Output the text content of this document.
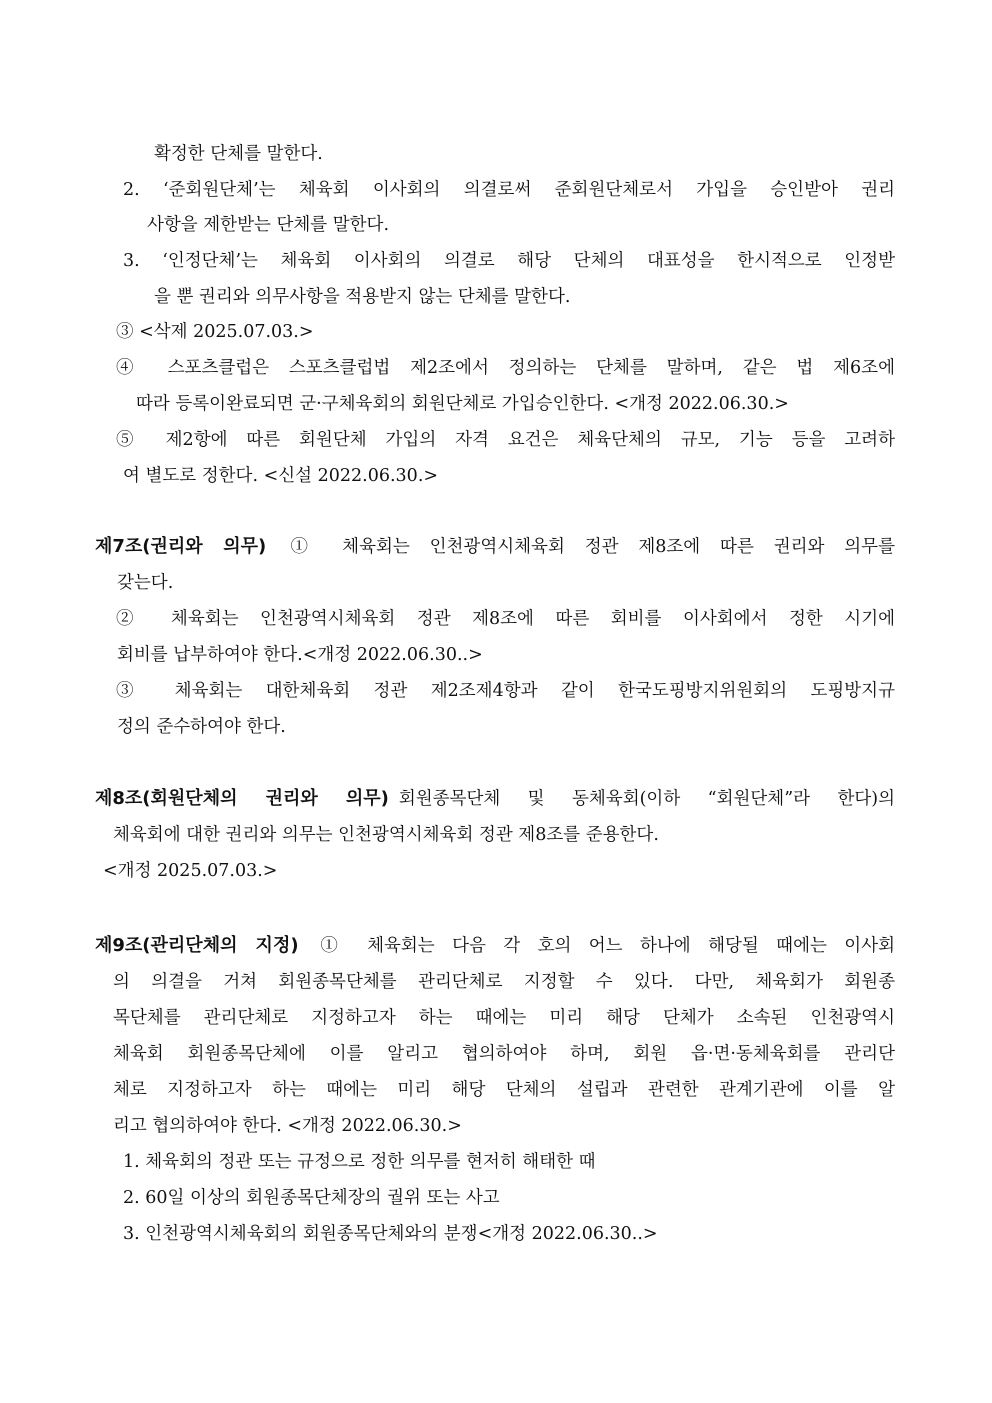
확정한 단체를 말한다.
2. ‘준회원단체’는 체육회 이사회의 의결로써 준회원단체로서 가입을 승인받아 권리
사항을 제한받는 단체를 말한다.
3. ‘인정단체’는 체육회 이사회의 의결로 해당 단체의 대표성을 한시적으로 인정받
을 뿐 권리와 의무사항을 적용받지 않는 단체를 말한다.
③ <삭제 2025.07.03.>
④ 스포츠클럽은 스포츠클럽법 제2조에서 정의하는 단체를 말하며, 같은 법 제6조에
따라 등록이완료되면 군·구체육회의 회원단체로 가입승인한다. <개정 2022.06.30.>
⑤ 제2항에 따른 회원단체 가입의 자격 요건은 체육단체의 규모, 기능 등을 고려하
여 별도로 정한다. <신설 2022.06.30.>
제7조(권리와 의무) ① 체육회는 인천광역시체육회 정관 제8조에 따른 권리와 의무를
갖는다.
② 체육회는 인천광역시체육회 정관 제8조에 따른 회비를 이사회에서 정한 시기에
회비를 납부하여야 한다.<개정 2022.06.30..>
③ 체육회는 대한체육회 정관 제2조제4항과 같이 한국도핑방지위원회의 도핑방지규
정의 준수하여야 한다.
제8조(회원단체의 권리와 의무) 회원종목단체 및 동체육회(이하 “회원단체”라 한다)의
체육회에 대한 권리와 의무는 인천광역시체육회 정관 제8조를 준용한다.
<개정 2025.07.03.>
제9조(관리단체의 지정) ① 체육회는 다음 각 호의 어느 하나에 해당될 때에는 이사회
의 의결을 거쳐 회원종목단체를 관리단체로 지정할 수 있다. 다만, 체육회가 회원종
목단체를 관리단체로 지정하고자 하는 때에는 미리 해당 단체가 소속된 인천광역시
체육회 회원종목단체에 이를 알리고 협의하여야 하며, 회원 읍·면·동체육회를 관리단
체로 지정하고자 하는 때에는 미리 해당 단체의 설립과 관련한 관계기관에 이를 알
리고 협의하여야 한다. <개정 2022.06.30.>
1. 체육회의 정관 또는 규정으로 정한 의무를 현저히 해태한 때
2. 60일 이상의 회원종목단체장의 궐위 또는 사고
3. 인천광역시체육회의 회원종목단체와의 분쟁<개정 2022.06.30..>
